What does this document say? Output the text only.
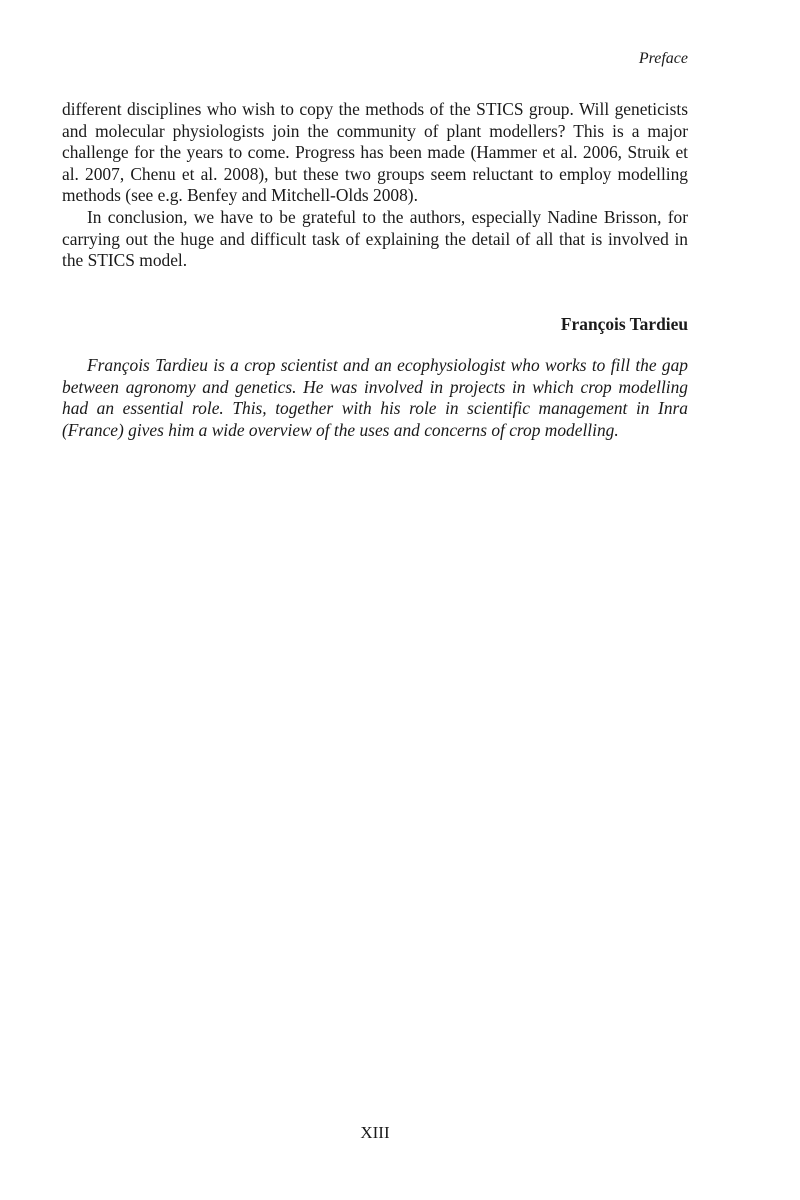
Preface

different disciplines who wish to copy the methods of the STICS group. Will geneticists and molecular physiologists join the community of plant modellers? This is a major challenge for the years to come. Progress has been made (Hammer et al. 2006, Struik et al. 2007, Chenu et al. 2008), but these two groups seem reluctant to employ modelling methods (see e.g. Benfey and Mitchell-Olds 2008).

In conclusion, we have to be grateful to the authors, especially Nadine Brisson, for carrying out the huge and difficult task of explaining the detail of all that is involved in the STICS model.

François Tardieu

François Tardieu is a crop scientist and an ecophysiologist who works to fill the gap between agronomy and genetics. He was involved in projects in which crop modelling had an essential role. This, together with his role in scientific management in Inra (France) gives him a wide overview of the uses and concerns of crop modelling.

XIII
